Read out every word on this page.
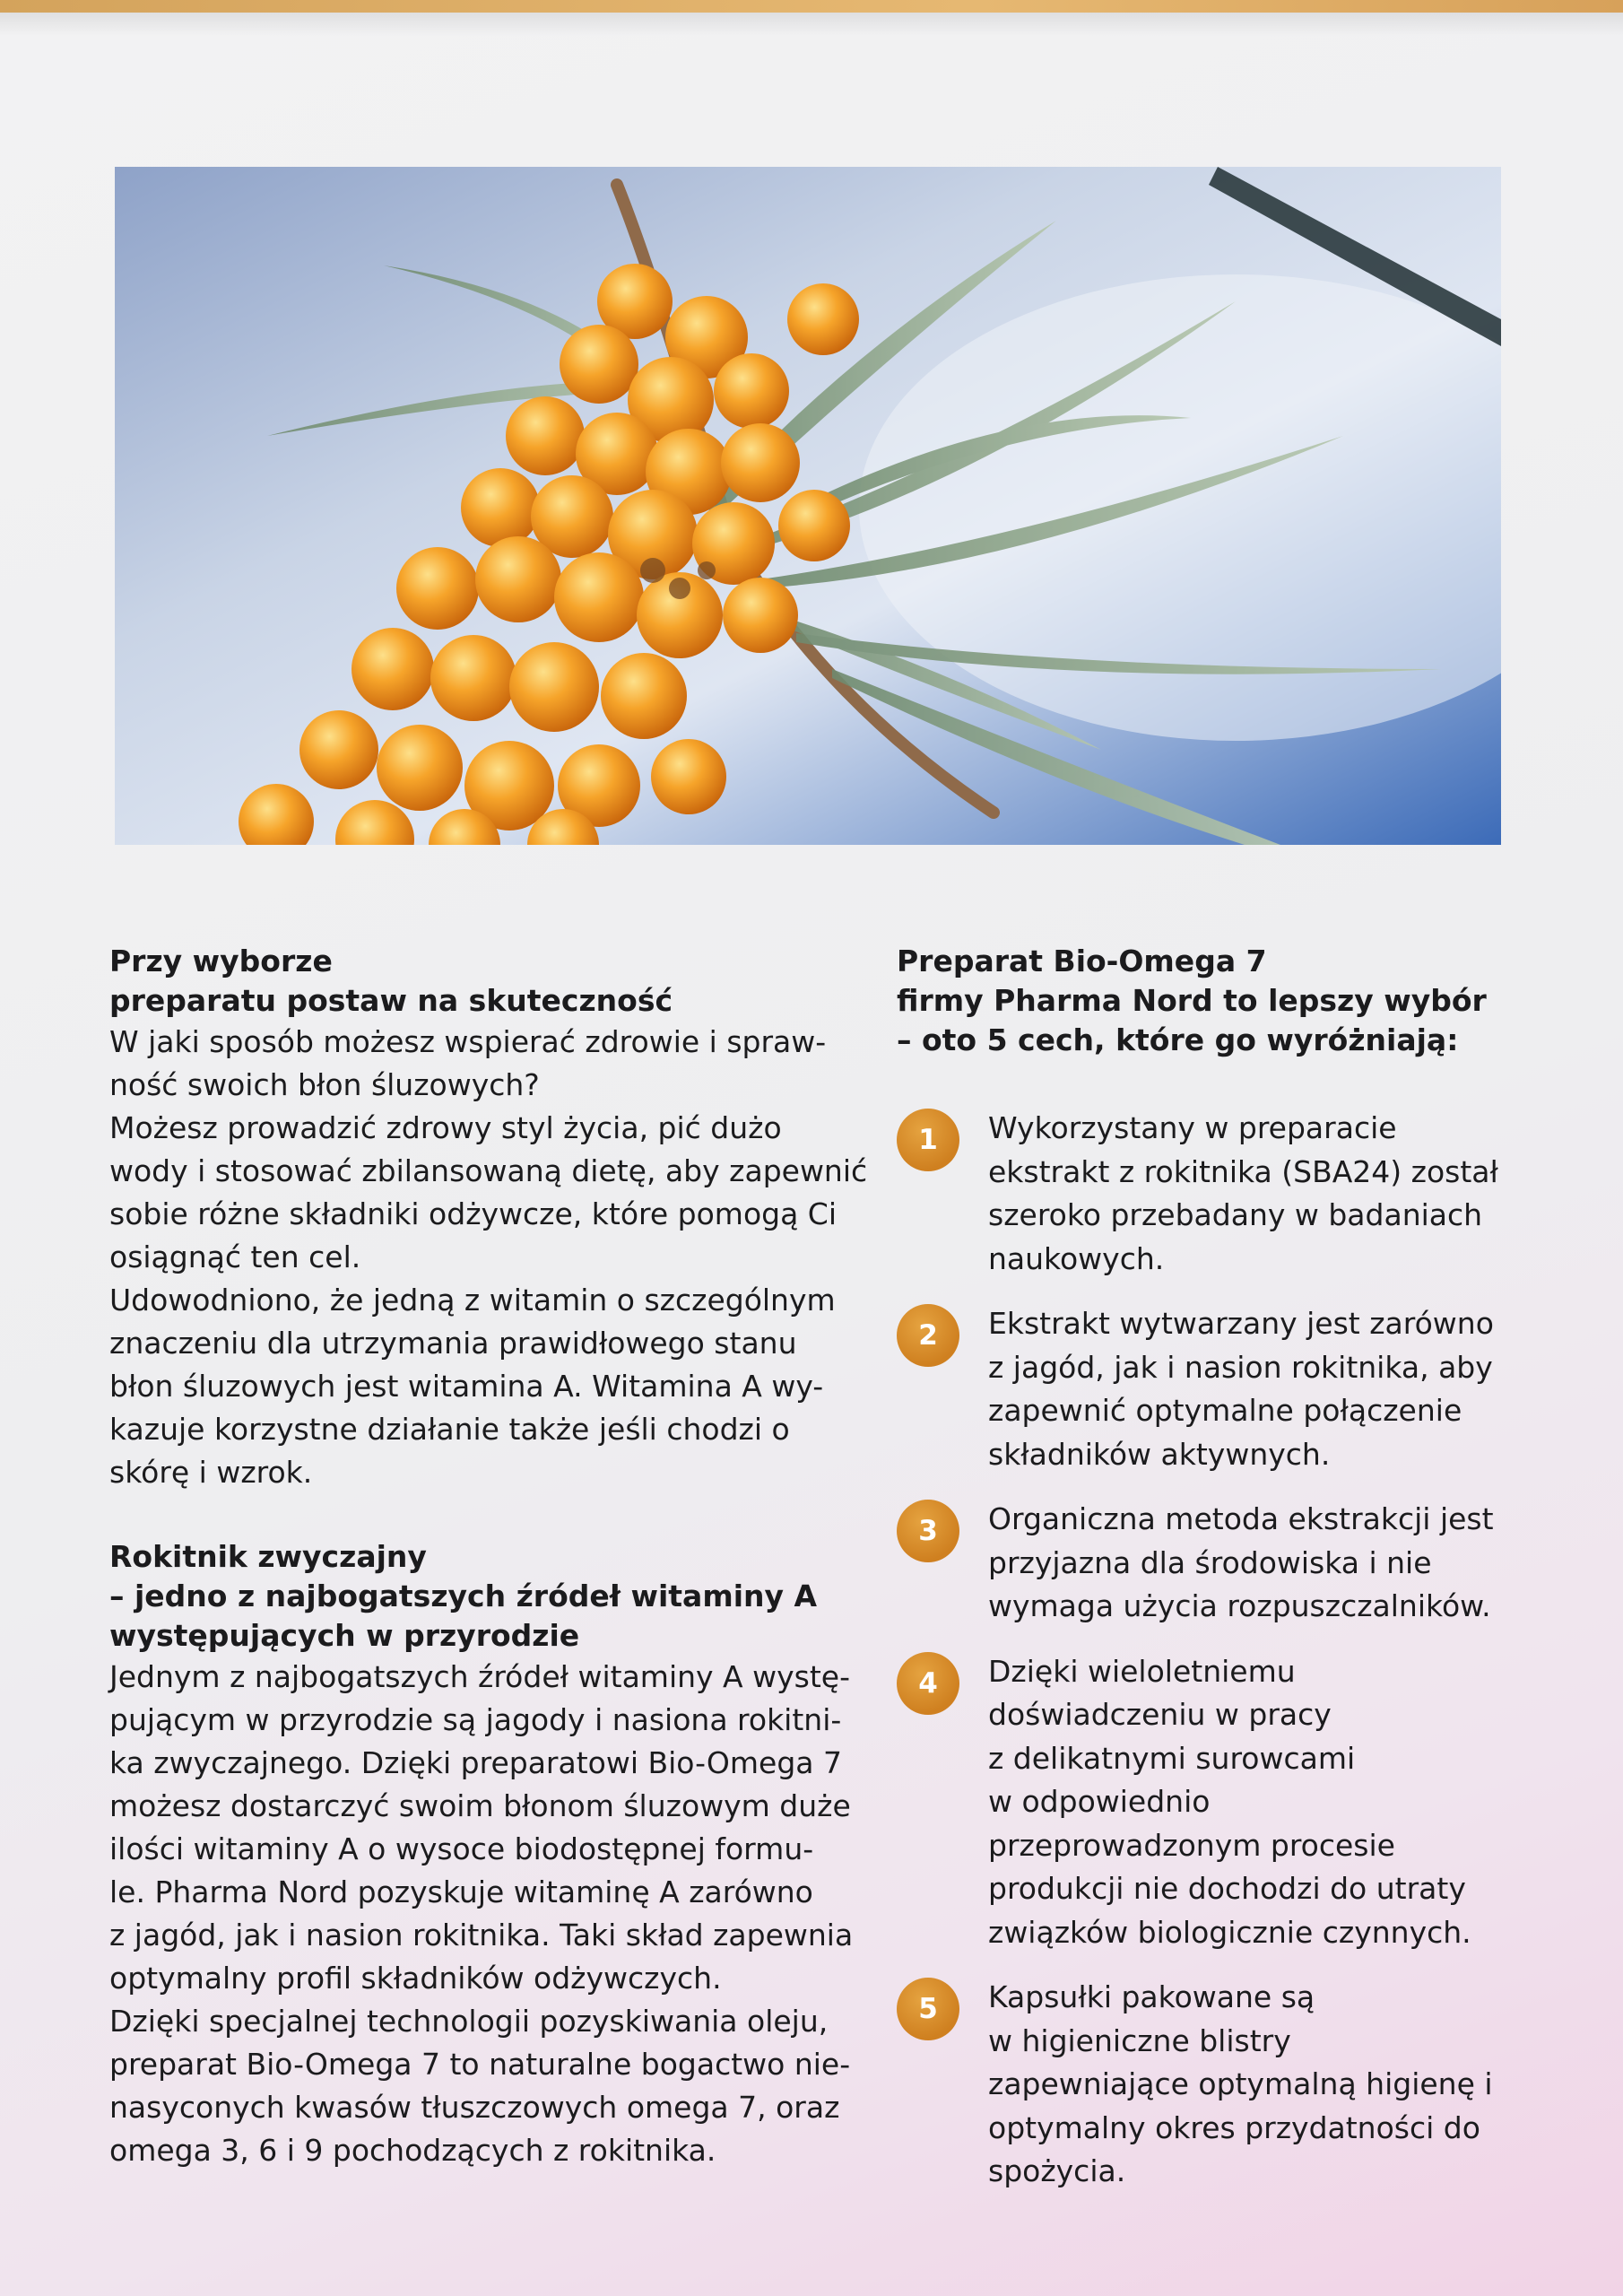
Przy wyborze
preparatu postaw na skuteczność

W jaki sposób możesz wspierać zdrowie i spraw-
ność swoich błon śluzowych?
Możesz prowadzić zdrowy styl życia, pić dużo
wody i stosować zbilansowaną dietę, aby zapewnić
sobie różne składniki odżywcze, które pomogą Ci
osiągnąć ten cel.
Udowodniono, że jedną z witamin o szczególnym
znaczeniu dla utrzymania prawidłowego stanu
błon śluzowych jest witamina A. Witamina A wy-
kazuje korzystne działanie także jeśli chodzi o
skórę i wzrok.

Rokitnik zwyczajny
– jedno z najbogatszych źródeł witaminy A
występujących w przyrodzie

Jednym z najbogatszych źródeł witaminy A wystę-
pującym w przyrodzie są jagody i nasiona rokitni-
ka zwyczajnego. Dzięki preparatowi Bio-Omega 7
możesz dostarczyć swoim błonom śluzowym duże
ilości witaminy A o wysoce biodostępnej formu-
le. Pharma Nord pozyskuje witaminę A zarówno
z jagód, jak i nasion rokitnika. Taki skład zapewnia
optymalny profil składników odżywczych.
Dzięki specjalnej technologii pozyskiwania oleju,
preparat Bio-Omega 7 to naturalne bogactwo nie-
nasyconych kwasów tłuszczowych omega 7, oraz
omega 3, 6 i 9 pochodzących z rokitnika.

Preparat Bio-Omega 7
firmy Pharma Nord to lepszy wybór
– oto 5 cech, które go wyróżniają:
1	Wykorzystany w preparacie
ekstrakt z rokitnika (SBA24) został
szeroko przebadany w badaniach
naukowych.
2	Ekstrakt wytwarzany jest zarówno
z jagód, jak i nasion rokitnika, aby
zapewnić optymalne połączenie
składników aktywnych.
3	Organiczna metoda ekstrakcji jest
przyjazna dla środowiska i nie
wymaga użycia rozpuszczalników.
4	Dzięki wieloletniemu
doświadczeniu w pracy
z delikatnymi surowcami
w odpowiednio
przeprowadzonym procesie
produkcji nie dochodzi do utraty
związków biologicznie czynnych.
5	Kapsułki pakowane są
w higieniczne blistry
zapewniające optymalną higienę i
optymalny okres przydatności do
spożycia.
